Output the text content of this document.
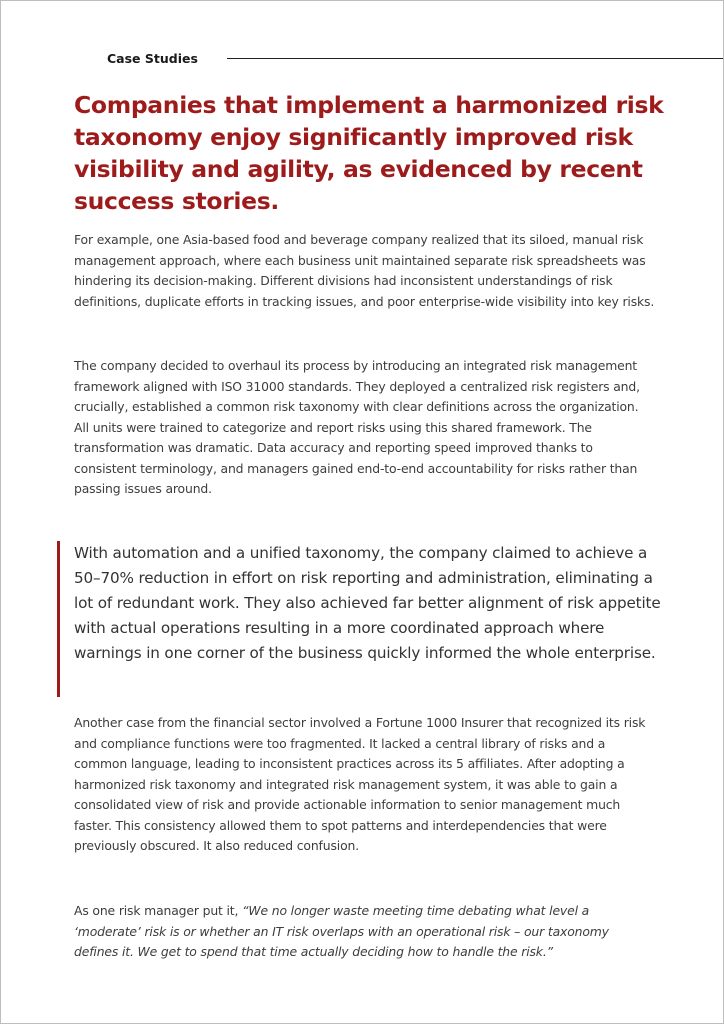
Case Studies
Companies that implement a harmonized risk taxonomy enjoy significantly improved risk visibility and agility, as evidenced by recent success stories.

For example, one Asia-based food and beverage company realized that its siloed, manual risk management approach, where each business unit maintained separate risk spreadsheets was hindering its decision-making. Different divisions had inconsistent understandings of risk definitions, duplicate efforts in tracking issues, and poor enterprise-wide visibility into key risks.

The company decided to overhaul its process by introducing an integrated risk management framework aligned with ISO 31000 standards. They deployed a centralized risk registers and, crucially, established a common risk taxonomy with clear definitions across the organization. All units were trained to categorize and report risks using this shared framework. The transformation was dramatic. Data accuracy and reporting speed improved thanks to consistent terminology, and managers gained end-to-end accountability for risks rather than passing issues around.

With automation and a unified taxonomy, the company claimed to achieve a 50–70% reduction in effort on risk reporting and administration, eliminating a lot of redundant work. They also achieved far better alignment of risk appetite with actual operations resulting in a more coordinated approach where warnings in one corner of the business quickly informed the whole enterprise.

Another case from the financial sector involved a Fortune 1000 Insurer that recognized its risk and compliance functions were too fragmented. It lacked a central library of risks and a common language, leading to inconsistent practices across its 5 affiliates. After adopting a harmonized risk taxonomy and integrated risk management system, it was able to gain a consolidated view of risk and provide actionable information to senior management much faster. This consistency allowed them to spot patterns and interdependencies that were previously obscured. It also reduced confusion.

As one risk manager put it, “We no longer waste meeting time debating what level a ‘moderate’ risk is or whether an IT risk overlaps with an operational risk – our taxonomy defines it. We get to spend that time actually deciding how to handle the risk.”
